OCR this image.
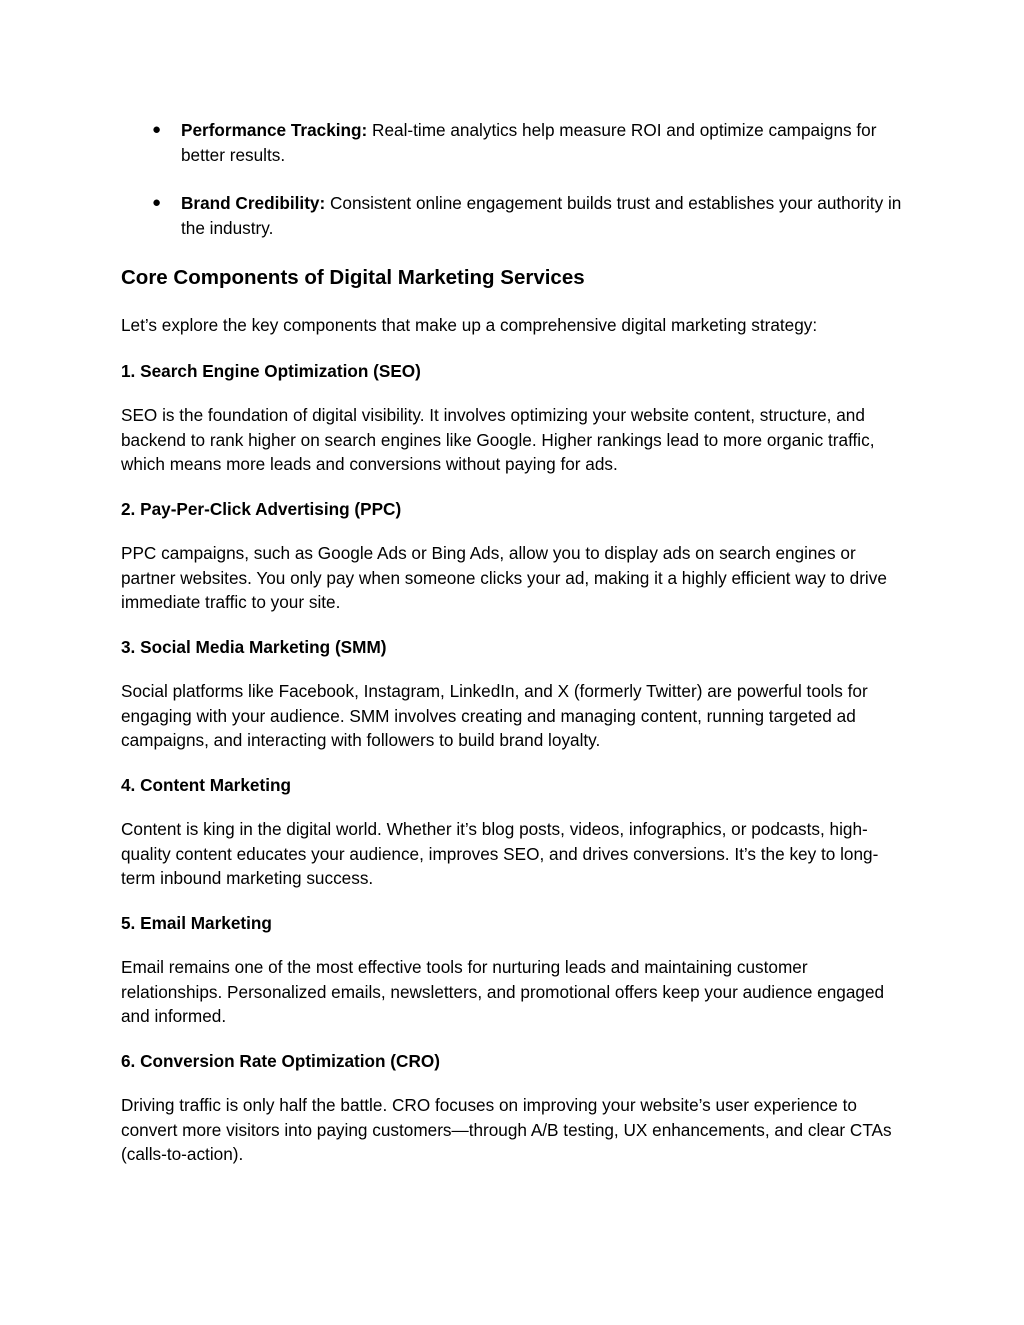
● Performance Tracking: Real-time analytics help measure ROI and optimize campaigns for better results.
● Brand Credibility: Consistent online engagement builds trust and establishes your authority in the industry.
Core Components of Digital Marketing Services

Let’s explore the key components that make up a comprehensive digital marketing strategy:

1. Search Engine Optimization (SEO)

SEO is the foundation of digital visibility. It involves optimizing your website content, structure, and backend to rank higher on search engines like Google. Higher rankings lead to more organic traffic, which means more leads and conversions without paying for ads.

2. Pay-Per-Click Advertising (PPC)

PPC campaigns, such as Google Ads or Bing Ads, allow you to display ads on search engines or partner websites. You only pay when someone clicks your ad, making it a highly efficient way to drive immediate traffic to your site.

3. Social Media Marketing (SMM)

Social platforms like Facebook, Instagram, LinkedIn, and X (formerly Twitter) are powerful tools for engaging with your audience. SMM involves creating and managing content, running targeted ad campaigns, and interacting with followers to build brand loyalty.

4. Content Marketing

Content is king in the digital world. Whether it’s blog posts, videos, infographics, or podcasts, high-quality content educates your audience, improves SEO, and drives conversions. It’s the key to long-term inbound marketing success.

5. Email Marketing

Email remains one of the most effective tools for nurturing leads and maintaining customer relationships. Personalized emails, newsletters, and promotional offers keep your audience engaged and informed.

6. Conversion Rate Optimization (CRO)

Driving traffic is only half the battle. CRO focuses on improving your website’s user experience to convert more visitors into paying customers—through A/B testing, UX enhancements, and clear CTAs (calls-to-action).
